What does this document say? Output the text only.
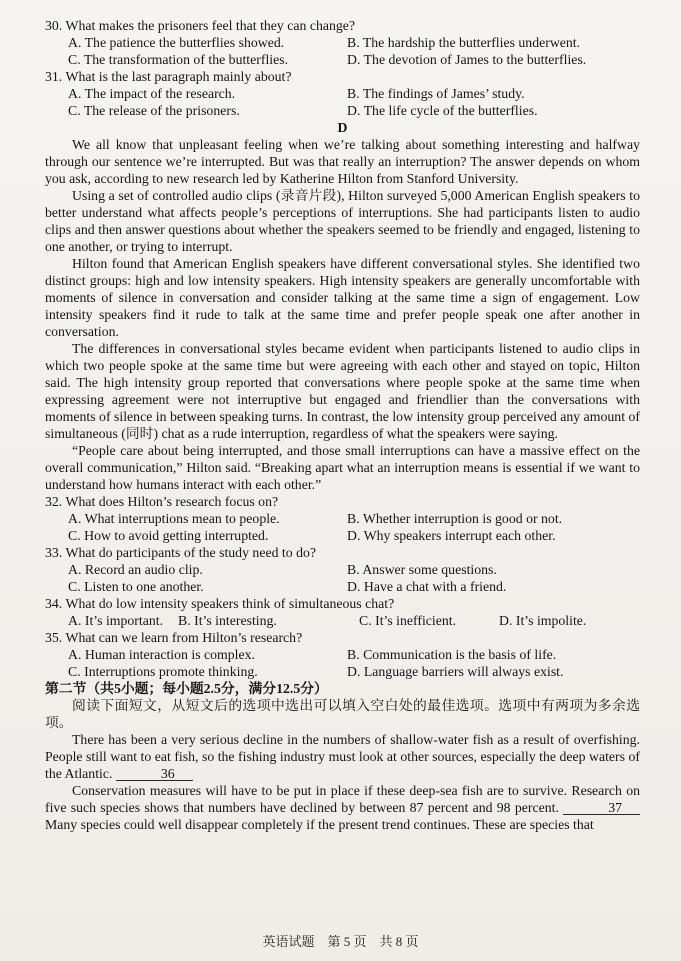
30. What makes the prisoners feel that they can change?
A. The patience the butterflies showed.	B. The hardship the butterflies underwent.
C. The transformation of the butterflies.	D. The devotion of James to the butterflies.
31. What is the last paragraph mainly about?
A. The impact of the research.	B. The findings of James’ study.
C. The release of the prisoners.	D. The life cycle of the butterflies.
D

We all know that unpleasant feeling when we’re talking about something interesting and halfway through our sentence we’re interrupted. But was that really an interruption? The answer depends on whom you ask, according to new research led by Katherine Hilton from Stanford University.

Using a set of controlled audio clips (录音片段), Hilton surveyed 5,000 American English speakers to better understand what affects people’s perceptions of interruptions. She had participants listen to audio clips and then answer questions about whether the speakers seemed to be friendly and engaged, listening to one another, or trying to interrupt.

Hilton found that American English speakers have different conversational styles. She identified two distinct groups: high and low intensity speakers. High intensity speakers are generally uncomfortable with moments of silence in conversation and consider talking at the same time a sign of engagement. Low intensity speakers find it rude to talk at the same time and prefer people speak one after another in conversation.

The differences in conversational styles became evident when participants listened to audio clips in which two people spoke at the same time but were agreeing with each other and stayed on topic, Hilton said. The high intensity group reported that conversations where people spoke at the same time when expressing agreement were not interruptive but engaged and friendlier than the conversations with moments of silence in between speaking turns. In contrast, the low intensity group perceived any amount of simultaneous (同时) chat as a rude interruption, regardless of what the speakers were saying.

“People care about being interrupted, and those small interruptions can have a massive effect on the overall communication,” Hilton said. “Breaking apart what an interruption means is essential if we want to understand how humans interact with each other.”

32. What does Hilton’s research focus on?
A. What interruptions mean to people.	B. Whether interruption is good or not.
C. How to avoid getting interrupted.	D. Why speakers interrupt each other.
33. What do participants of the study need to do?
A. Record an audio clip.	B. Answer some questions.
C. Listen to one another.	D. Have a chat with a friend.
34. What do low intensity speakers think of simultaneous chat?
A. It’s important.	B. It’s interesting.	C. It’s inefficient.	D. It’s impolite.
35. What can we learn from Hilton’s research?
A. Human interaction is complex.	B. Communication is the basis of life.
C. Interruptions promote thinking.	D. Language barriers will always exist.
第二节（共5小题；每小题2.5分，满分12.5分）

阅读下面短文，从短文后的选项中选出可以填入空白处的最佳选项。选项中有两项为多余选项。

There has been a very serious decline in the numbers of shallow-water fish as a result of overfishing. People still want to eat fish, so the fishing industry must look at other sources, especially the deep waters of the Atlantic.	36

Conservation measures will have to be put in place if these deep-sea fish are to survive. Research on five such species shows that numbers have declined by between 87 percent and 98 percent.	37 Many species could well disappear completely if the present trend continues. These are species that

英语试题　第 5 页　共 8 页
